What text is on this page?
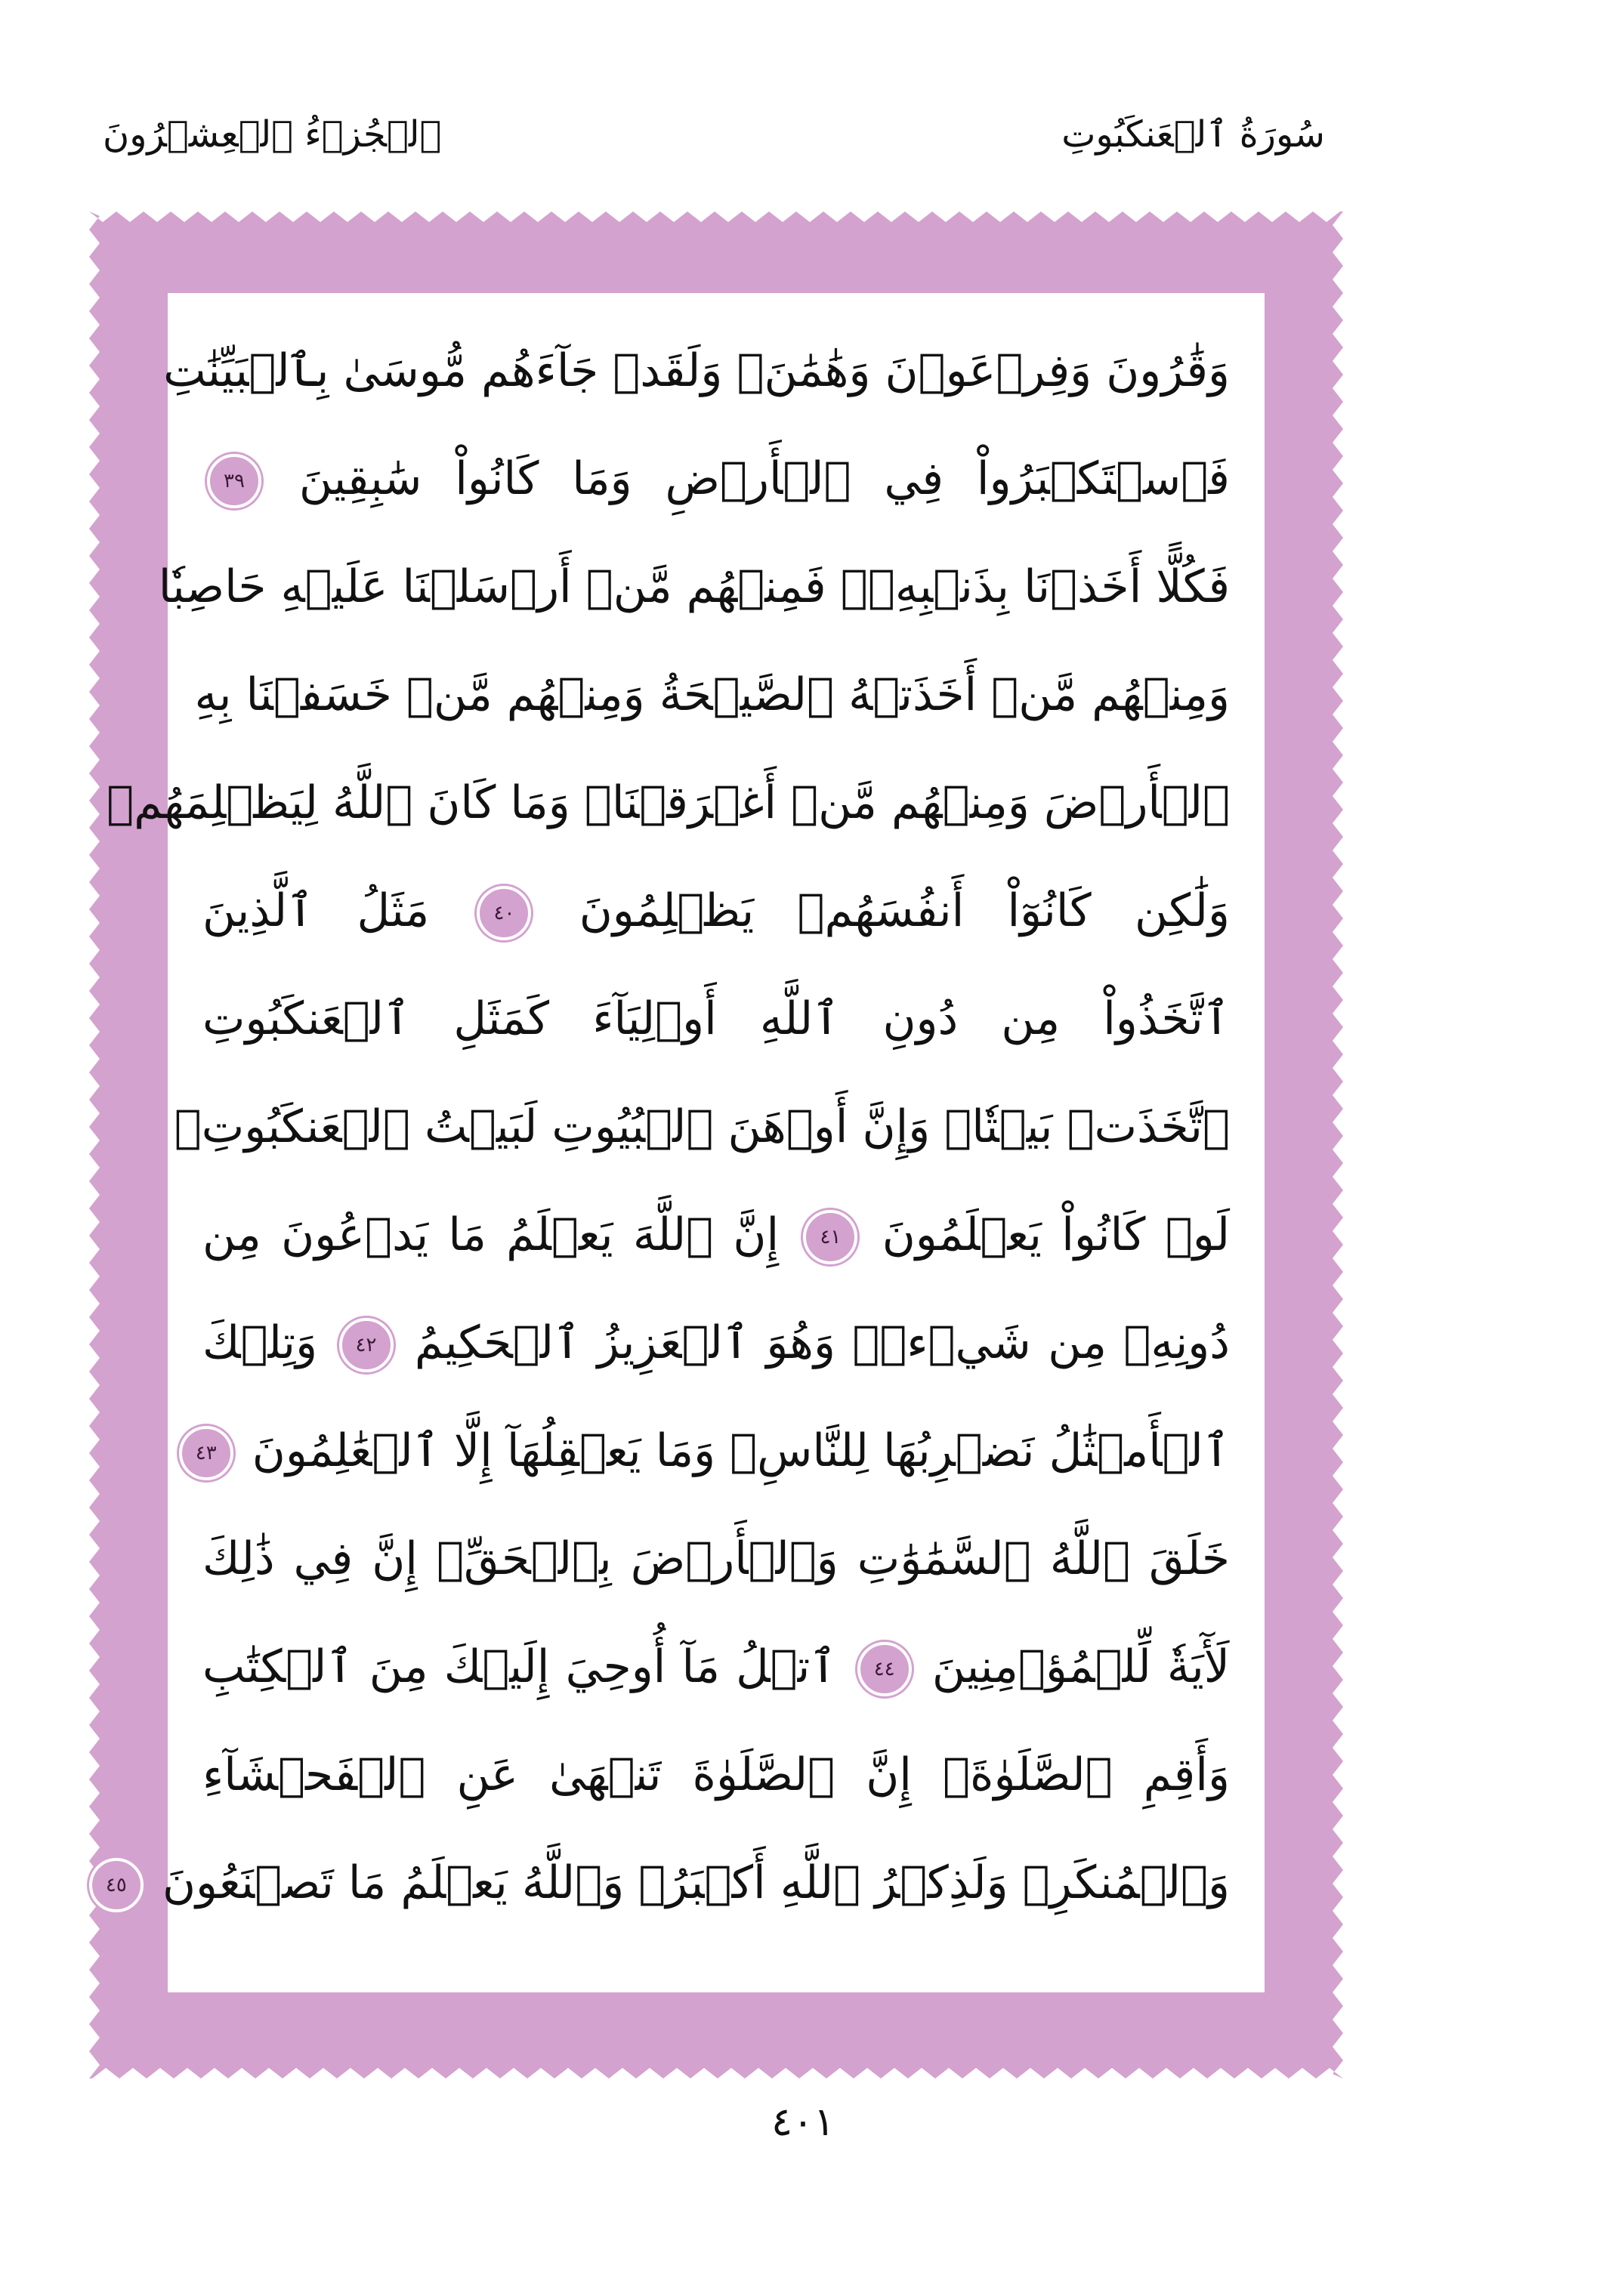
ٱلۡجُزۡءُ ٱلۡعِشۡرُونَ	سُورَةُ ٱلۡعَنكَبُوتِ
وَقَٰرُونَ وَفِرۡعَوۡنَ وَهَٰمَٰنَۖ وَلَقَدۡ جَآءَهُم مُّوسَىٰ بِٱلۡبَيِّنَٰتِ
فَٱسۡتَكۡبَرُواْ فِي ٱلۡأَرۡضِ وَمَا كَانُواْ سَٰبِقِينَ ٣٩
فَكُلًّا أَخَذۡنَا بِذَنۢبِهِۦۖ فَمِنۡهُم مَّنۡ أَرۡسَلۡنَا عَلَيۡهِ حَاصِبٗا
وَمِنۡهُم مَّنۡ أَخَذَتۡهُ ٱلصَّيۡحَةُ وَمِنۡهُم مَّنۡ خَسَفۡنَا بِهِ
ٱلۡأَرۡضَ وَمِنۡهُم مَّنۡ أَغۡرَقۡنَاۚ وَمَا كَانَ ٱللَّهُ لِيَظۡلِمَهُمۡ
وَلَٰكِن كَانُوٓاْ أَنفُسَهُمۡ يَظۡلِمُونَ ٤٠ مَثَلُ ٱلَّذِينَ
ٱتَّخَذُواْ مِن دُونِ ٱللَّهِ أَوۡلِيَآءَ كَمَثَلِ ٱلۡعَنكَبُوتِ
ٱتَّخَذَتۡ بَيۡتٗاۖ وَإِنَّ أَوۡهَنَ ٱلۡبُيُوتِ لَبَيۡتُ ٱلۡعَنكَبُوتِۚ
لَوۡ كَانُواْ يَعۡلَمُونَ ٤١ إِنَّ ٱللَّهَ يَعۡلَمُ مَا يَدۡعُونَ مِن
دُونِهِۦ مِن شَيۡءٖۚ وَهُوَ ٱلۡعَزِيزُ ٱلۡحَكِيمُ ٤٢ وَتِلۡكَ
ٱلۡأَمۡثَٰلُ نَضۡرِبُهَا لِلنَّاسِۖ وَمَا يَعۡقِلُهَآ إِلَّا ٱلۡعَٰلِمُونَ ٤٣
خَلَقَ ٱللَّهُ ٱلسَّمَٰوَٰتِ وَٱلۡأَرۡضَ بِٱلۡحَقِّۚ إِنَّ فِي ذَٰلِكَ
لَأٓيَةٗ لِّلۡمُؤۡمِنِينَ ٤٤ ٱتۡلُ مَآ أُوحِيَ إِلَيۡكَ مِنَ ٱلۡكِتَٰبِ
وَأَقِمِ ٱلصَّلَوٰةَۖ إِنَّ ٱلصَّلَوٰةَ تَنۡهَىٰ عَنِ ٱلۡفَحۡشَآءِ
وَٱلۡمُنكَرِۗ وَلَذِكۡرُ ٱللَّهِ أَكۡبَرُۗ وَٱللَّهُ يَعۡلَمُ مَا تَصۡنَعُونَ ٤٥
٤٠١
